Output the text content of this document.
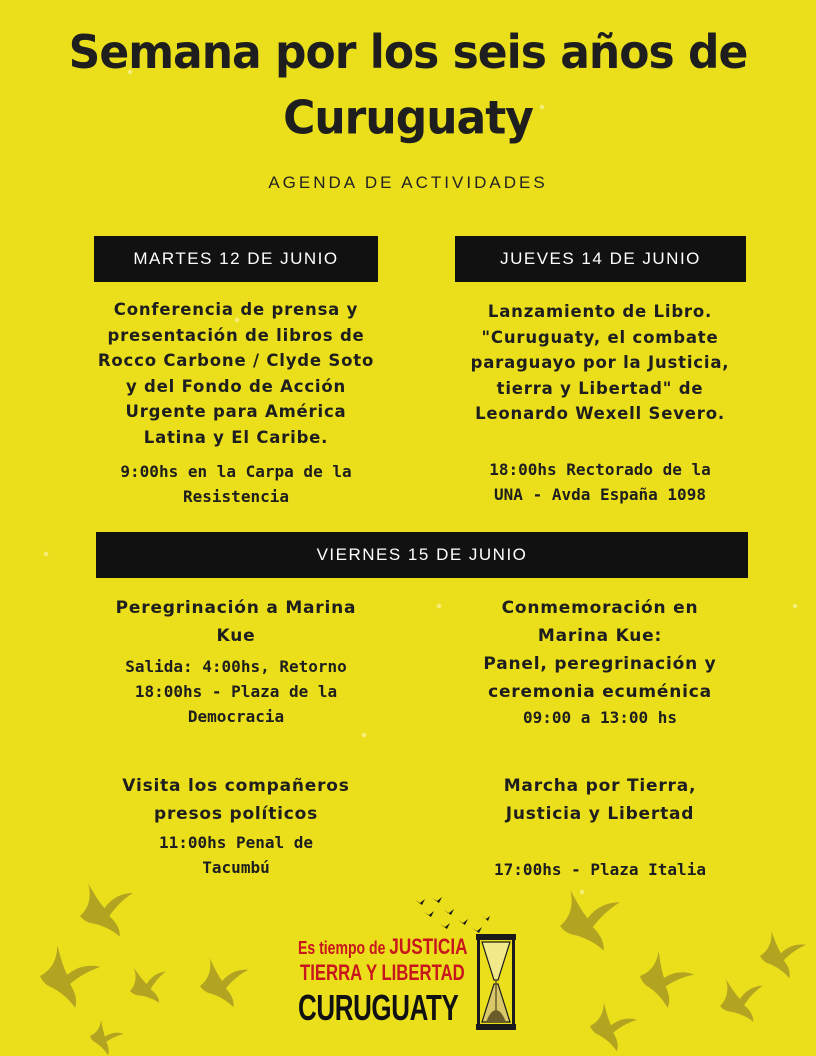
Semana por los seis años de
Curuguaty
AGENDA DE ACTIVIDADES
MARTES 12 DE JUNIO
Conferencia de prensa y
presentación de libros de
Rocco Carbone / Clyde Soto
y del Fondo de Acción
Urgente para América
Latina y El Caribe.
9:00hs en la Carpa de la
Resistencia
JUEVES 14 DE JUNIO
Lanzamiento de Libro.
"Curuguaty, el combate
paraguayo por la Justicia,
tierra y Libertad" de
Leonardo Wexell Severo.
18:00hs Rectorado de la
UNA - Avda España 1098
VIERNES 15 DE JUNIO
Peregrinación a Marina
Kue
Salida: 4:00hs, Retorno
18:00hs - Plaza de la
Democracia
Conmemoración en
Marina Kue:
Panel, peregrinación y
ceremonia ecuménica
09:00 a 13:00 hs
Visita los compañeros
presos políticos
11:00hs Penal de
Tacumbú
Marcha por Tierra,
Justicia y Libertad
17:00hs - Plaza Italia
Es tiempo de JUSTICIA
TIERRA Y LIBERTAD
CURUGUATY
